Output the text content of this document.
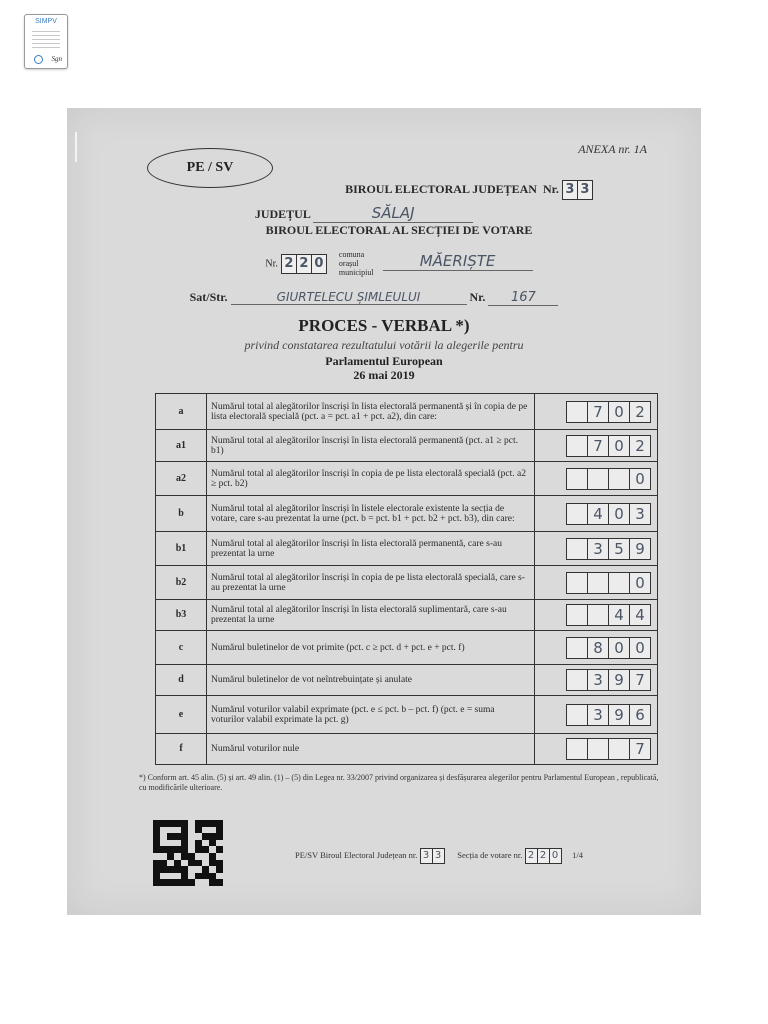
SIMPV
Sgn
ANEXA nr. 1A
PE / SV
BIROUL ELECTORAL JUDEȚEAN Nr. 3 3
JUDEȚUL	SĂLAJ
BIROUL ELECTORAL AL SECȚIEI DE VOTARE
Nr. 2 2 0    comuna
orașul
municipiul   MĂERIȘTE
Sat/Str.	GIURTELECU ȘIMLEULUI	Nr. 167
PROCES - VERBAL *)
privind constatarea rezultatului votării la alegerile pentru
Parlamentul European
26 mai 2019
a	Numărul total al alegătorilor înscriși în lista electorală permanentă și în copia de pe lista electorală specială (pct. a = pct. a1 + pct. a2), din care:	7 0 2

a1	Numărul total al alegătorilor înscriși în lista electorală permanentă (pct. a1 ≥ pct. b1)	7 0 2

a2	Numărul total al alegătorilor înscriși în copia de pe lista electorală specială (pct. a2 ≥ pct. b2)	0

b	Numărul total al alegătorilor înscriși în listele electorale existente la secția de votare, care s-au prezentat la urne (pct. b = pct. b1 + pct. b2 + pct. b3), din care:	4 0 3

b1	Numărul total al alegătorilor înscriși în lista electorală permanentă, care s-au prezentat la urne	3 5 9

b2	Numărul total al alegătorilor înscriși în copia de pe lista electorală specială, care s-au prezentat la urne	0

b3	Numărul total al alegătorilor înscriși în lista electorală suplimentară, care s-au prezentat la urne	4 4

c	Numărul buletinelor de vot primite (pct. c ≥ pct. d + pct. e + pct. f)	8 0 0

d	Numărul buletinelor de vot neîntrebuințate și anulate	3 9 7

e	Numărul voturilor valabil exprimate (pct. e ≤ pct. b – pct. f) (pct. e = suma voturilor valabil exprimate la pct. g)	3 9 6

f	Numărul voturilor nule	7
*) Conform art. 45 alin. (5) și art. 49 alin. (1) – (5) din Legea nr. 33/2007 privind organizarea și desfășurarea alegerilor pentru Parlamentul European , republicată, cu modificările ulterioare.
PE/SV Biroul Electoral Județean nr. 3 3 Secția de votare nr. 2 2 0 1/4
